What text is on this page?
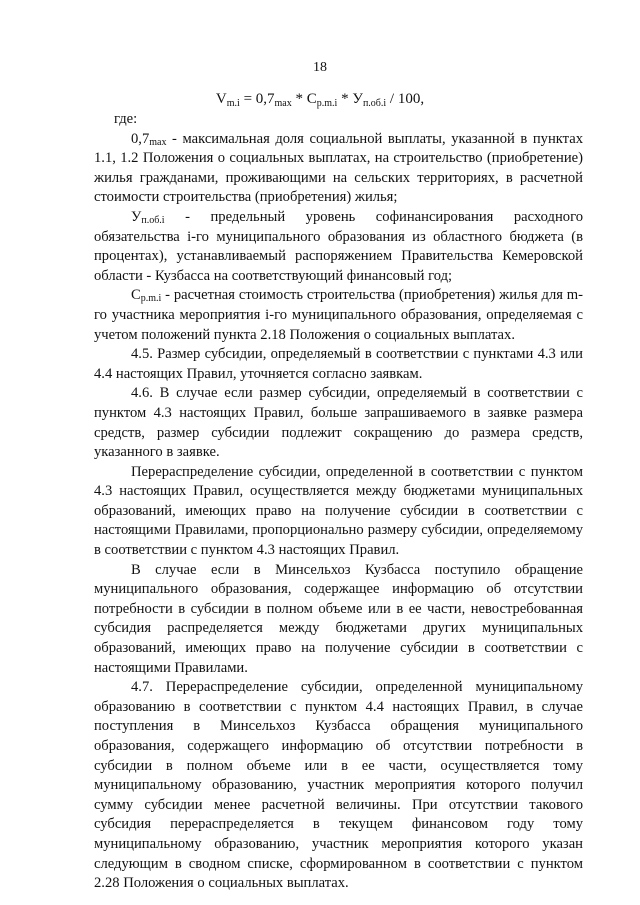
18
$V_{m.i} = 0,7_{max} * C_{p.m.i} * У_{п.об.i} / 100$,

где:

$0,7_{max}$ - максимальная доля социальной выплаты, указанной в пунктах 1.1, 1.2 Положения о социальных выплатах, на строительство (приобретение) жилья гражданами, проживающими на сельских территориях, в расчетной стоимости строительства (приобретения) жилья;

$У_{п.об.i}$ - предельный уровень софинансирования расходного обязательства i-го муниципального образования из областного бюджета (в процентах), устанавливаемый распоряжением Правительства Кемеровской области - Кузбасса на соответствующий финансовый год;

$С_{р.m.i}$ - расчетная стоимость строительства (приобретения) жилья для m-го участника мероприятия i-го муниципального образования, определяемая с учетом положений пункта 2.18 Положения о социальных выплатах.

4.5. Размер субсидии, определяемый в соответствии с пунктами 4.3 или 4.4 настоящих Правил, уточняется согласно заявкам.

4.6. В случае если размер субсидии, определяемый в соответствии с пунктом 4.3 настоящих Правил, больше запрашиваемого в заявке размера средств, размер субсидии подлежит сокращению до размера средств, указанного в заявке.

Перераспределение субсидии, определенной в соответствии с пунктом 4.3 настоящих Правил, осуществляется между бюджетами муниципальных образований, имеющих право на получение субсидии в соответствии с настоящими Правилами, пропорционально размеру субсидии, определяемому в соответствии с пунктом 4.3 настоящих Правил.

В случае если в Минсельхоз Кузбасса поступило обращение муниципального образования, содержащее информацию об отсутствии потребности в субсидии в полном объеме или в ее части, невостребованная субсидия распределяется между бюджетами других муниципальных образований, имеющих право на получение субсидии в соответствии с настоящими Правилами.

4.7. Перераспределение субсидии, определенной муниципальному образованию в соответствии с пунктом 4.4 настоящих Правил, в случае поступления в Минсельхоз Кузбасса обращения муниципального образования, содержащего информацию об отсутствии потребности в субсидии в полном объеме или в ее части, осуществляется тому муниципальному образованию, участник мероприятия которого получил сумму субсидии менее расчетной величины. При отсутствии такового субсидия перераспределяется в текущем финансовом году тому муниципальному образованию, участник мероприятия которого указан следующим в сводном списке, сформированном в соответствии с пунктом 2.28 Положения о социальных выплатах.
